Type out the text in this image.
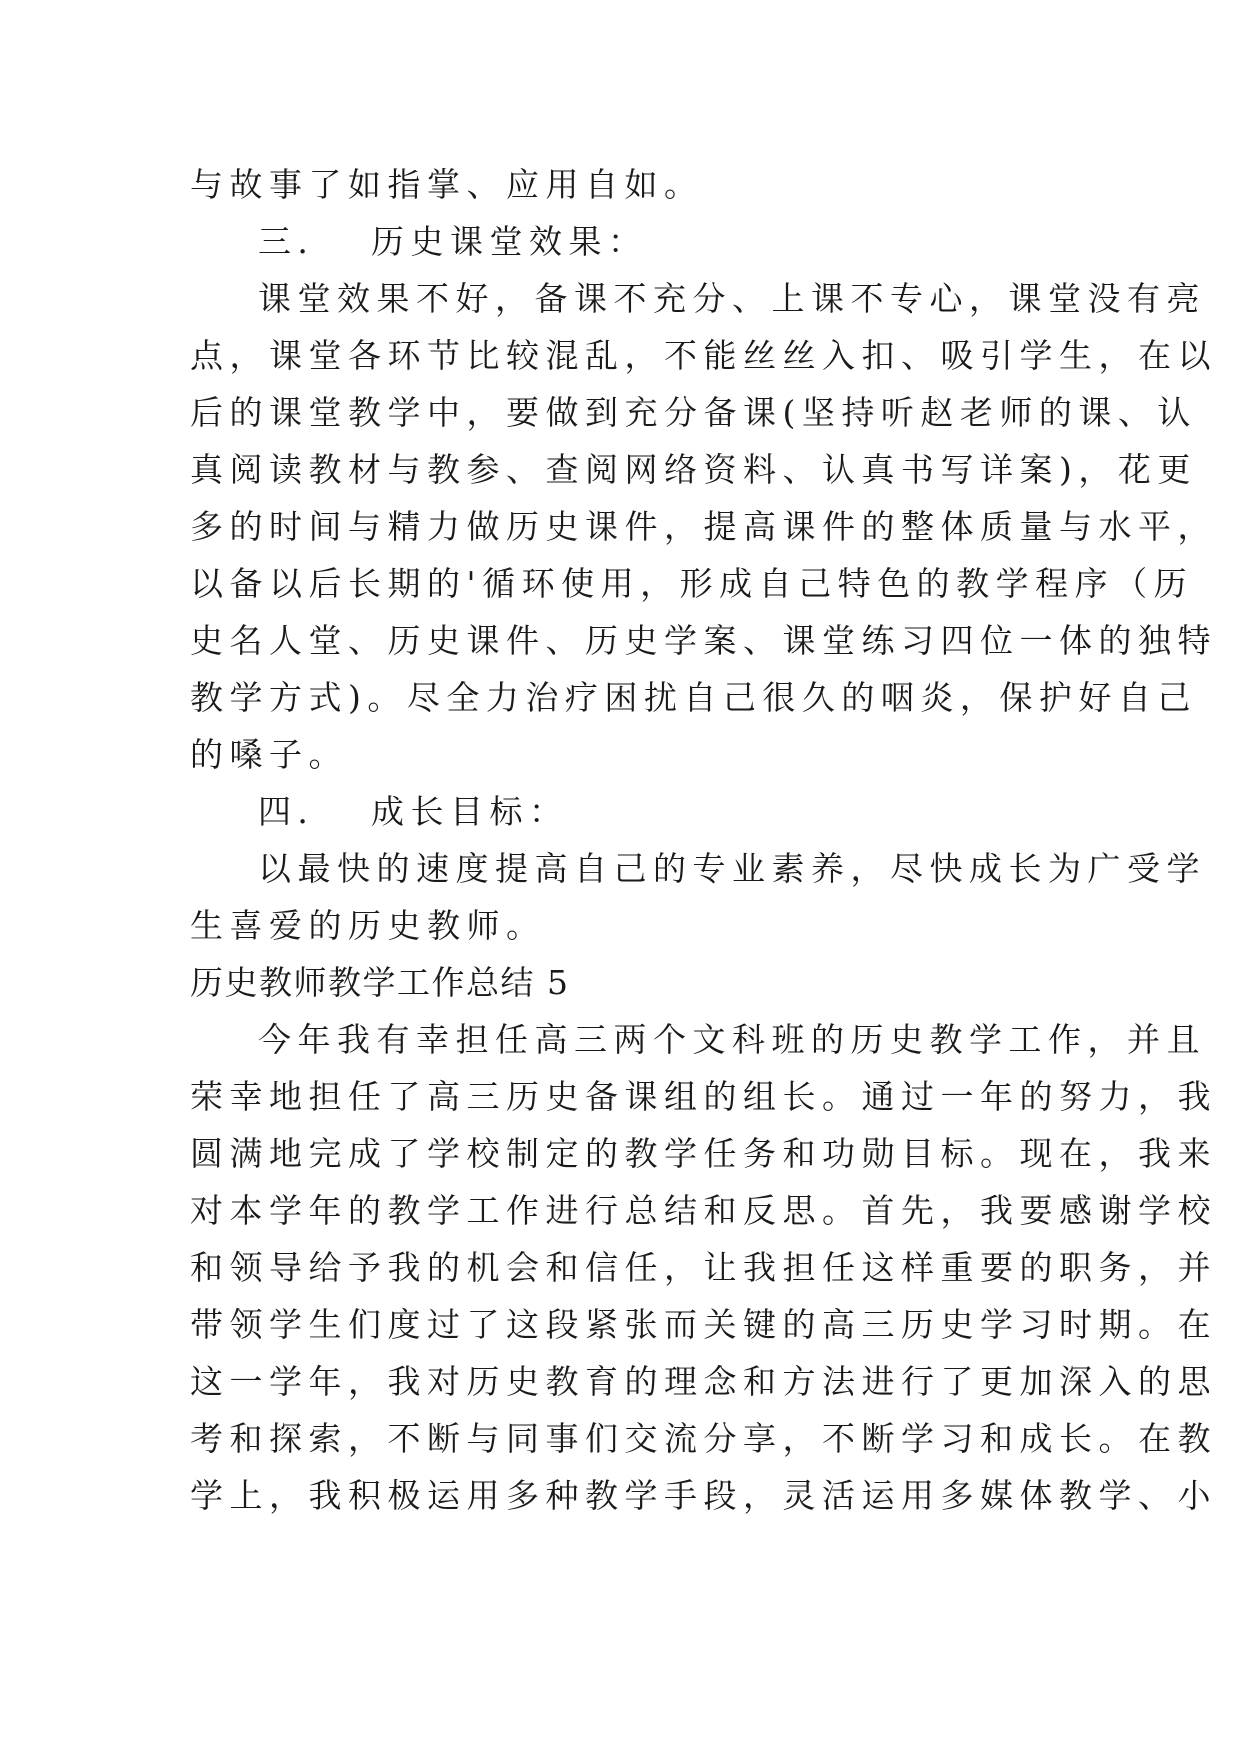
与故事了如指掌、应用自如。
三．  历史课堂效果：
课堂效果不好，备课不充分、上课不专心，课堂没有亮
点，课堂各环节比较混乱，不能丝丝入扣、吸引学生，在以
后的课堂教学中，要做到充分备课(坚持听赵老师的课、认
真阅读教材与教参、查阅网络资料、认真书写详案)，花更
多的时间与精力做历史课件，提高课件的整体质量与水平，
以备以后长期的'循环使用，形成自己特色的教学程序（历
史名人堂、历史课件、历史学案、课堂练习四位一体的独特
教学方式)。尽全力治疗困扰自己很久的咽炎，保护好自己
的嗓子。
四．  成长目标：
以最快的速度提高自己的专业素养，尽快成长为广受学
生喜爱的历史教师。
历史教师教学工作总结 5
今年我有幸担任高三两个文科班的历史教学工作，并且
荣幸地担任了高三历史备课组的组长。通过一年的努力，我
圆满地完成了学校制定的教学任务和功勋目标。现在，我来
对本学年的教学工作进行总结和反思。首先，我要感谢学校
和领导给予我的机会和信任，让我担任这样重要的职务，并
带领学生们度过了这段紧张而关键的高三历史学习时期。在
这一学年，我对历史教育的理念和方法进行了更加深入的思
考和探索，不断与同事们交流分享，不断学习和成长。在教
学上，我积极运用多种教学手段，灵活运用多媒体教学、小
